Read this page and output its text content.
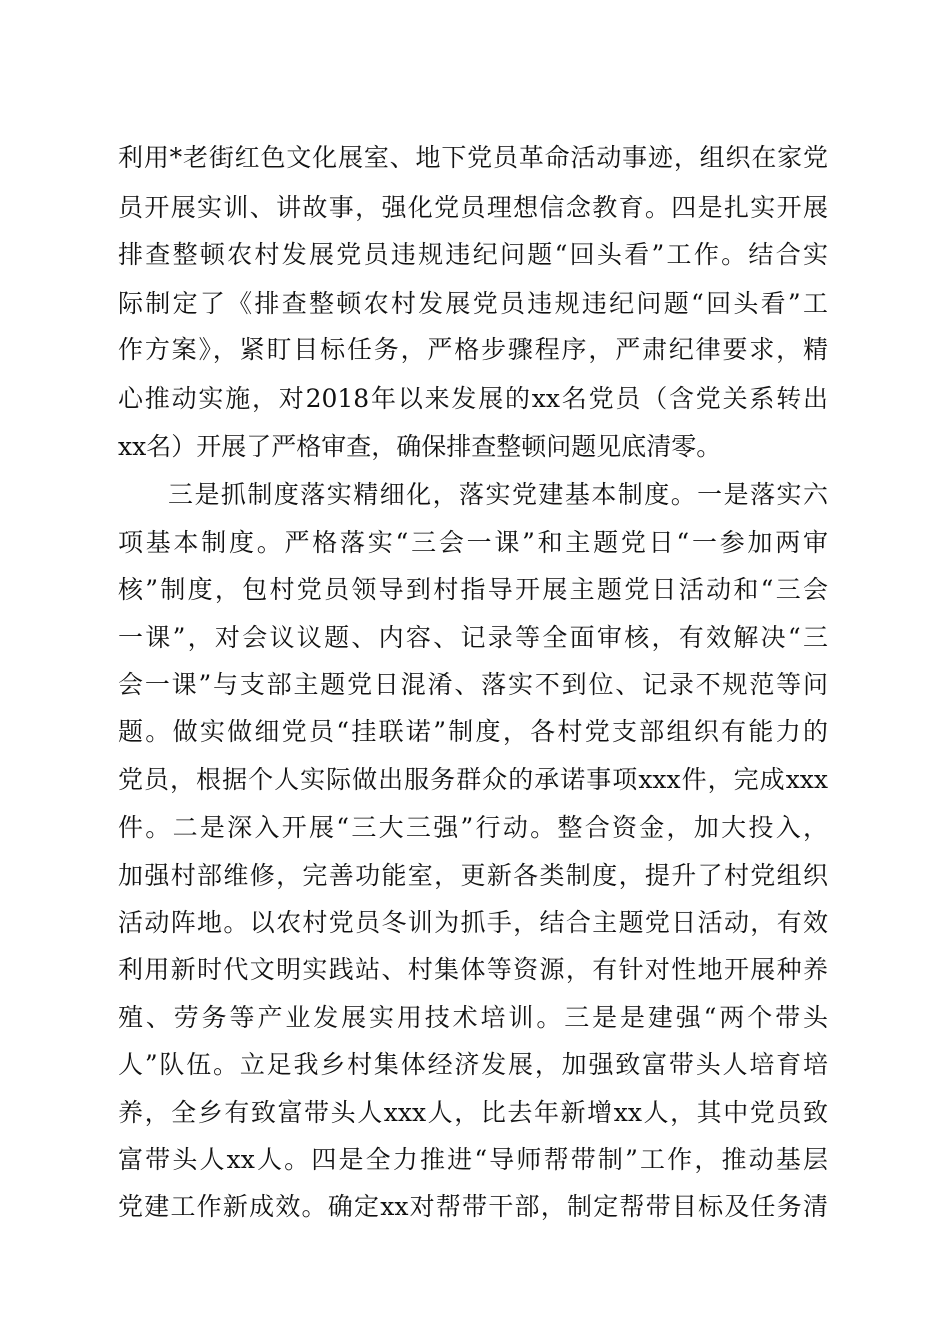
利用*老街红色文化展室、地下党员革命活动事迹，组织在家党
员开展实训、讲故事，强化党员理想信念教育。四是扎实开展
排查整顿农村发展党员违规违纪问题“回头看”工作。结合实
际制定了《排查整顿农村发展党员违规违纪问题“回头看”工
作方案》，紧盯目标任务，严格步骤程序，严肃纪律要求，精
心推动实施，对2018年以来发展的xx名党员（含党关系转出
xx名）开展了严格审查，确保排查整顿问题见底清零。
三是抓制度落实精细化，落实党建基本制度。一是落实六
项基本制度。严格落实“三会一课”和主题党日“一参加两审
核”制度，包村党员领导到村指导开展主题党日活动和“三会
一课”，对会议议题、内容、记录等全面审核，有效解决“三
会一课”与支部主题党日混淆、落实不到位、记录不规范等问
题。做实做细党员“挂联诺”制度，各村党支部组织有能力的
党员，根据个人实际做出服务群众的承诺事项xxx件，完成xxx
件。二是深入开展“三大三强”行动。整合资金，加大投入，
加强村部维修，完善功能室，更新各类制度，提升了村党组织
活动阵地。以农村党员冬训为抓手，结合主题党日活动，有效
利用新时代文明实践站、村集体等资源，有针对性地开展种养
殖、劳务等产业发展实用技术培训。三是是建强“两个带头
人”队伍。立足我乡村集体经济发展，加强致富带头人培育培
养，全乡有致富带头人xxx人，比去年新增xx人，其中党员致
富带头人xx人。四是全力推进“导师帮带制”工作，推动基层
党建工作新成效。确定xx对帮带干部，制定帮带目标及任务清
